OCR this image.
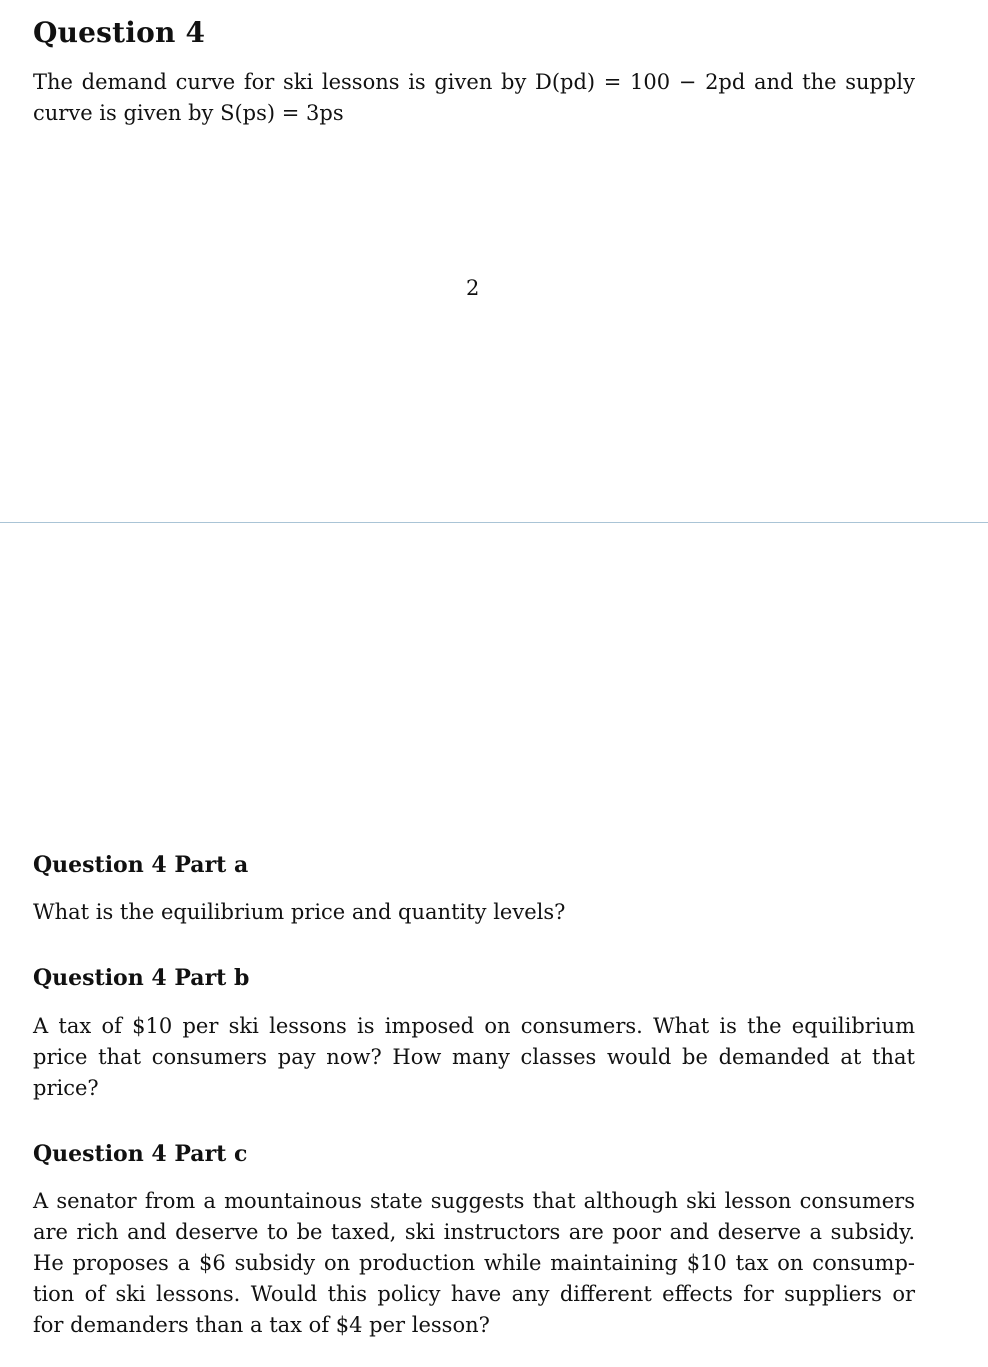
Question 4

The demand curve for ski lessons is given by D(pd) = 100 − 2pd and the supply
curve is given by S(ps) = 3ps

2

Question 4 Part a

What is the equilibrium price and quantity levels?

Question 4 Part b

A tax of $10 per ski lessons is imposed on consumers. What is the equilibrium
price that consumers pay now? How many classes would be demanded at that
price?

Question 4 Part c

A senator from a mountainous state suggests that although ski lesson consumers
are rich and deserve to be taxed, ski instructors are poor and deserve a subsidy.
He proposes a $6 subsidy on production while maintaining $10 tax on consump-
tion of ski lessons. Would this policy have any different effects for suppliers or
for demanders than a tax of $4 per lesson?
